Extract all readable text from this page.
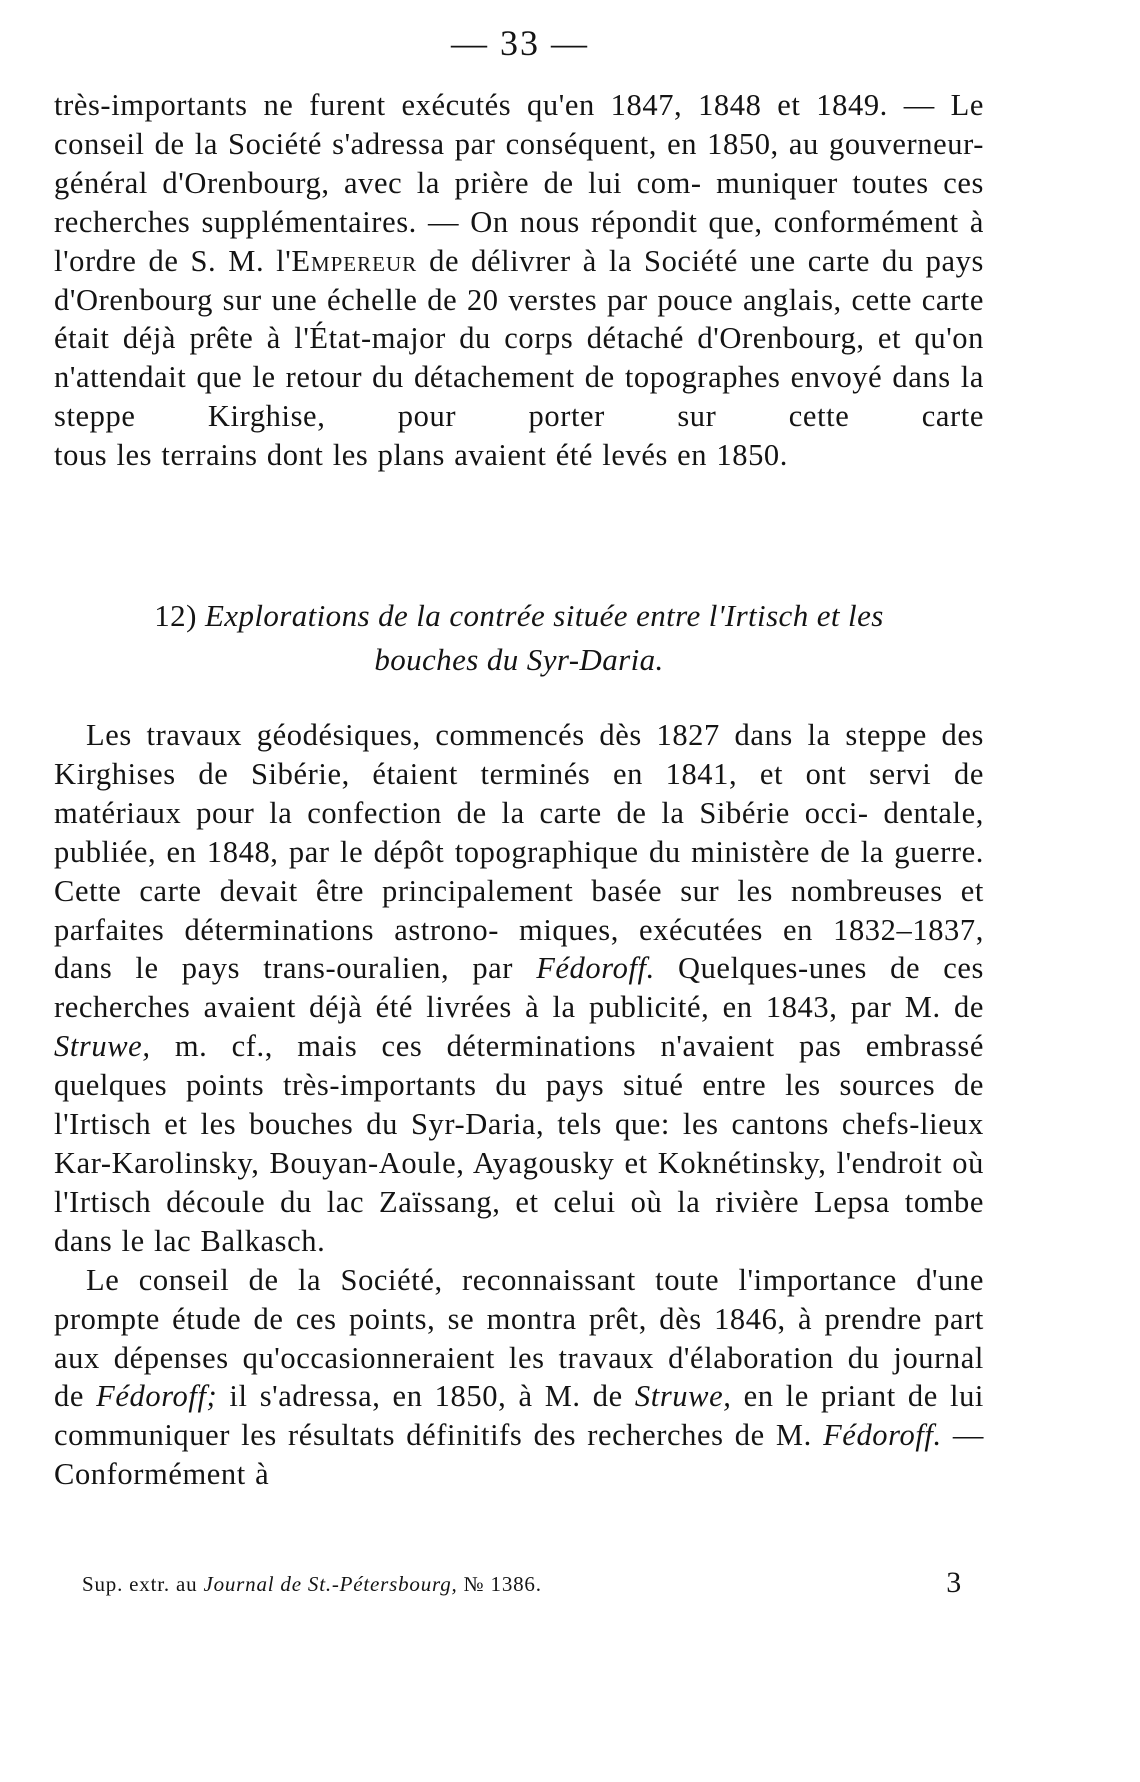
— 33 —

très-importants ne furent exécutés qu'en 1847, 1848 et 1849. — Le conseil de la Société s'adressa par conséquent, en 1850, au gouverneur-général d'Orenbourg, avec la prière de lui com- muniquer toutes ces recherches supplémentaires. — On nous répondit que, conformément à l'ordre de S. M. l'Empereur de délivrer à la Société une carte du pays d'Orenbourg sur une échelle de 20 verstes par pouce anglais, cette carte était déjà prête à l'État-major du corps détaché d'Orenbourg, et qu'on n'attendait que le retour du détachement de topographes envoyé dans la steppe Kirghise, pour porter sur cette carte tous les terrains dont les plans avaient été levés en 1850.

12) Explorations de la contrée située entre l'Irtisch et les
bouches du Syr-Daria.

Les travaux géodésiques, commencés dès 1827 dans la steppe des Kirghises de Sibérie, étaient terminés en 1841, et ont servi de matériaux pour la confection de la carte de la Sibérie occi- dentale, publiée, en 1848, par le dépôt topographique du ministère de la guerre. Cette carte devait être principalement basée sur les nombreuses et parfaites déterminations astrono- miques, exécutées en 1832–1837, dans le pays trans-ouralien, par Fédoroff. Quelques-unes de ces recherches avaient déjà été livrées à la publicité, en 1843, par M. de Struwe, m. cf., mais ces déterminations n'avaient pas embrassé quelques points très-importants du pays situé entre les sources de l'Irtisch et les bouches du Syr-Daria, tels que: les cantons chefs-lieux Kar-Karolinsky, Bouyan-Aoule, Ayagousky et Koknétinsky, l'endroit où l'Irtisch découle du lac Zaïssang, et celui où la rivière Lepsa tombe dans le lac Balkasch.

Le conseil de la Société, reconnaissant toute l'importance d'une prompte étude de ces points, se montra prêt, dès 1846, à prendre part aux dépenses qu'occasionneraient les travaux d'élaboration du journal de Fédoroff; il s'adressa, en 1850, à M. de Struwe, en le priant de lui communiquer les résultats définitifs des recherches de M. Fédoroff. — Conformément à

Sup. extr. au Journal de St.-Pétersbourg, № 1386.	3
